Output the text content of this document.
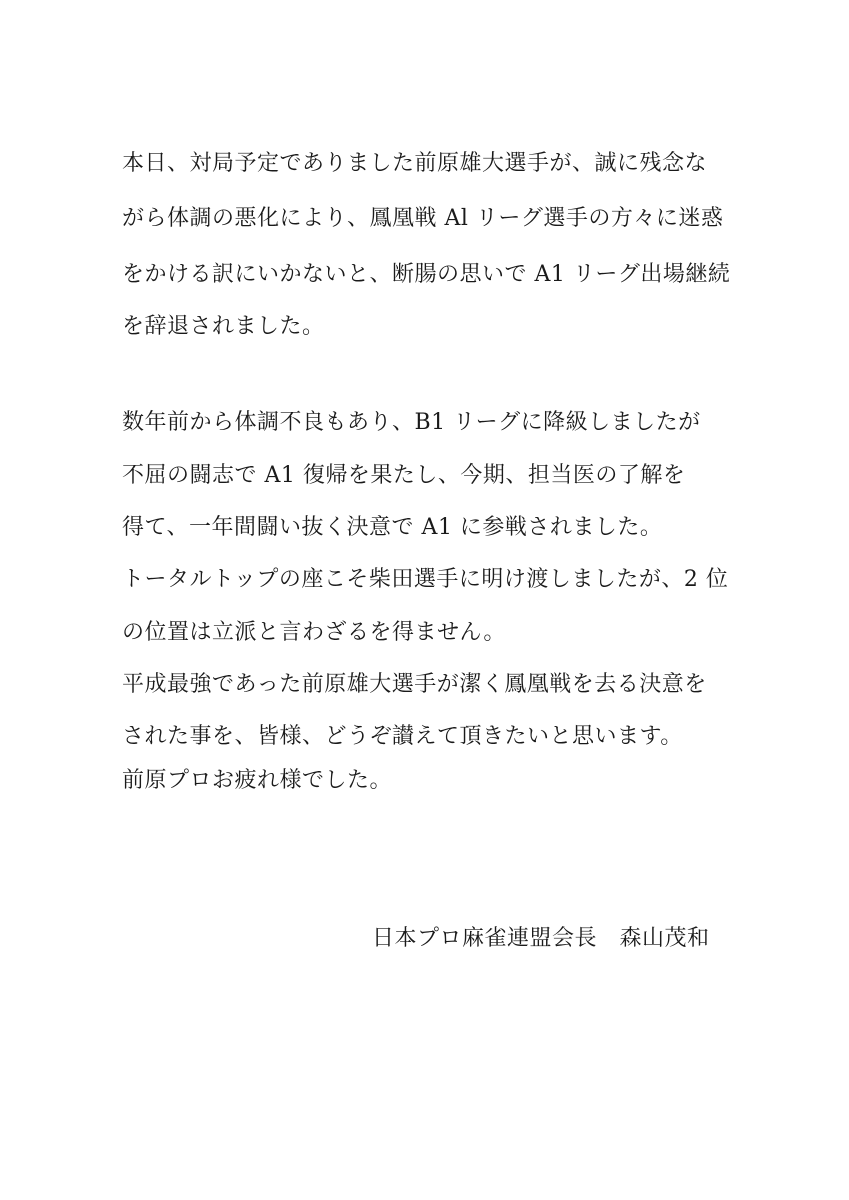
本日、対局予定でありました前原雄大選手が、誠に残念な
がら体調の悪化により、鳳凰戦 Al リーグ選手の方々に迷惑
をかける訳にいかないと、断腸の思いで A1 リーグ出場継続
を辞退されました。
数年前から体調不良もあり、B1 リーグに降級しましたが
不屈の闘志で A1 復帰を果たし、今期、担当医の了解を
得て、一年間闘い抜く決意で A1 に参戦されました。
トータルトップの座こそ柴田選手に明け渡しましたが、2 位
の位置は立派と言わざるを得ません。
平成最強であった前原雄大選手が潔く鳳凰戦を去る決意を
された事を、皆様、どうぞ讃えて頂きたいと思います。
前原プロお疲れ様でした。
日本プロ麻雀連盟会長　森山茂和
